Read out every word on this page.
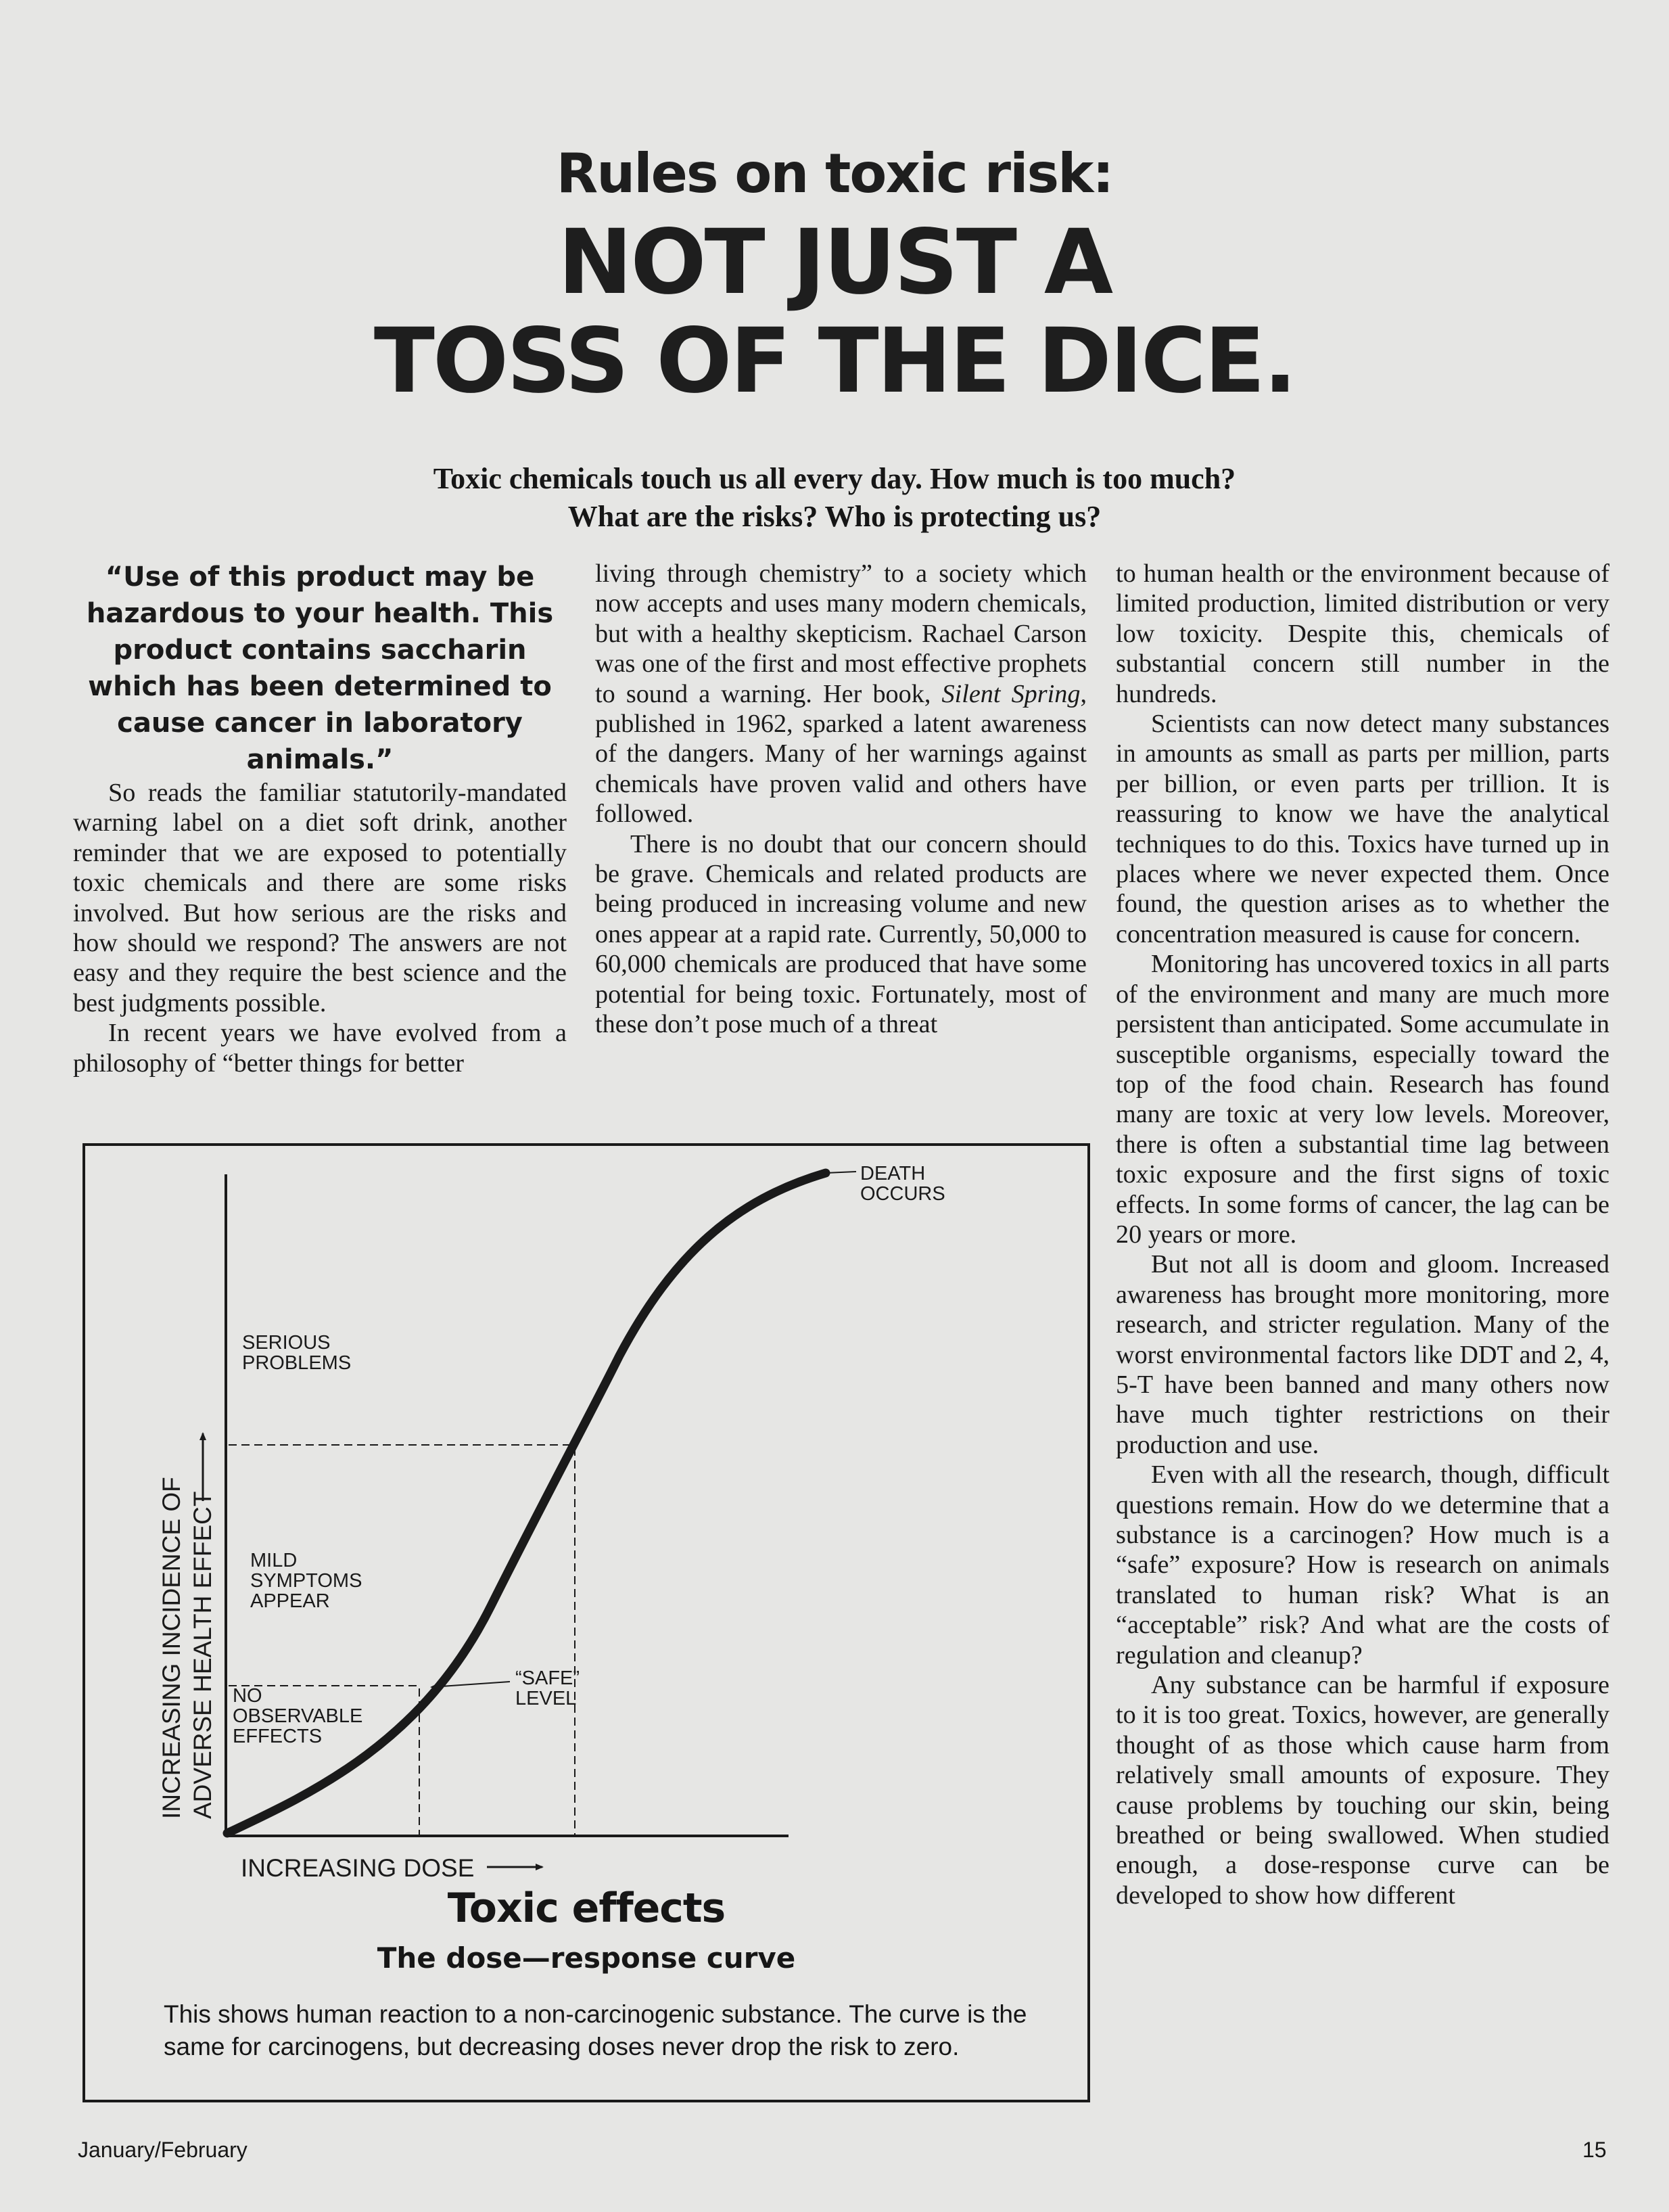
Rules on toxic risk:
NOT JUST A
TOSS OF THE DICE.

Toxic chemicals touch us all every day. How much is too much?
What are the risks? Who is protecting us?

“Use of this product may be hazardous to your health. This product contains saccharin which has been determined to cause cancer in laboratory animals.”

So reads the familiar statutorily-mandated warning label on a diet soft drink, another reminder that we are exposed to potentially toxic chemicals and there are some risks involved. But how serious are the risks and how should we respond? The answers are not easy and they require the best science and the best judgments possible.

In recent years we have evolved from a philosophy of “better things for better

living through chemistry” to a society which now accepts and uses many modern chemicals, but with a healthy skepticism. Rachael Carson was one of the first and most effective prophets to sound a warning. Her book, Silent Spring, published in 1962, sparked a latent awareness of the dangers. Many of her warnings against chemicals have proven valid and others have followed.

There is no doubt that our concern should be grave. Chemicals and related products are being produced in increasing volume and new ones appear at a rapid rate. Currently, 50,000 to 60,000 chemicals are produced that have some potential for being toxic. Fortunately, most of these don’t pose much of a threat

to human health or the environment because of limited production, limited distribution or very low toxicity. Despite this, chemicals of substantial concern still number in the hundreds.

Scientists can now detect many substances in amounts as small as parts per million, parts per billion, or even parts per trillion. It is reassuring to know we have the analytical techniques to do this. Toxics have turned up in places where we never expected them. Once found, the question arises as to whether the concentration measured is cause for concern.

Monitoring has uncovered toxics in all parts of the environment and many are much more persistent than anticipated. Some accumulate in susceptible organisms, especially toward the top of the food chain. Research has found many are toxic at very low levels. Moreover, there is often a substantial time lag between toxic exposure and the first signs of toxic effects. In some forms of cancer, the lag can be 20 years or more.

But not all is doom and gloom. Increased awareness has brought more monitoring, more research, and stricter regulation. Many of the worst environmental factors like DDT and 2, 4, 5-T have been banned and many others now have much tighter restrictions on their production and use.

Even with all the research, though, difficult questions remain. How do we determine that a substance is a carcinogen? How much is a “safe” exposure? How is research on animals translated to human risk? What is an “acceptable” risk? And what are the costs of regulation and cleanup?

Any substance can be harmful if exposure to it is too great. Toxics, however, are generally thought of as those which cause harm from relatively small amounts of exposure. They cause problems by touching our skin, being breathed or being swallowed. When studied enough, a dose-response curve can be developed to show how different

DEATH
OCCURS
SERIOUS
PROBLEMS
MILD
SYMPTOMS
APPEAR
NO
OBSERVABLE
EFFECTS
“SAFE”
LEVEL
INCREASING INCIDENCE OF ADVERSE HEALTH EFFECT
INCREASING DOSE
Toxic effects

The dose—response curve

This shows human reaction to a non-carcinogenic substance. The curve is the same for carcinogens, but decreasing doses never drop the risk to zero.

January/February	15
